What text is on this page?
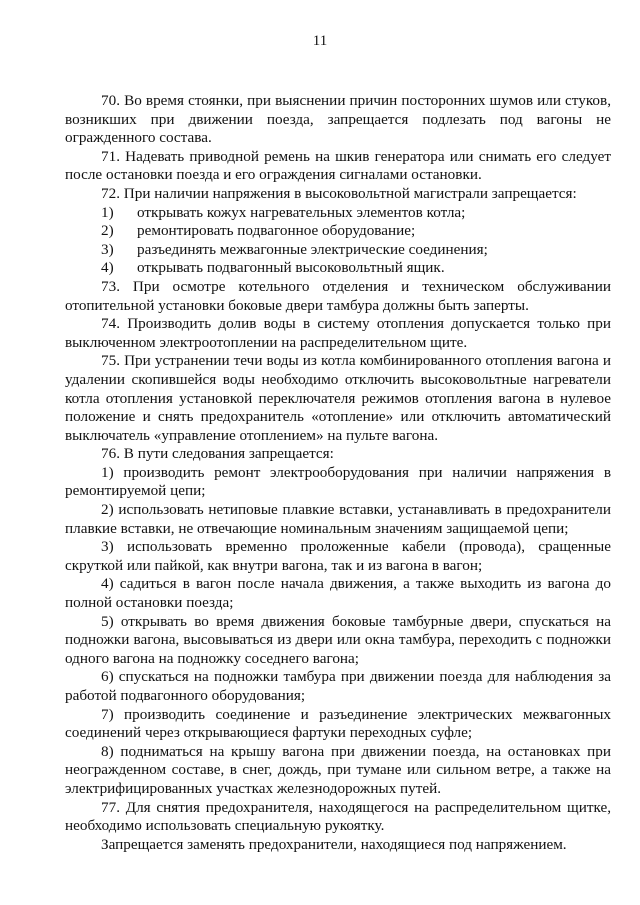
11

70. Во время стоянки, при выяснении причин посторонних шумов или стуков, возникших при движении поезда, запрещается подлезать под вагоны не огражденного состава.

71. Надевать приводной ремень на шкив генератора или снимать его следует после остановки поезда и его ограждения сигналами остановки.

72. При наличии напряжения в высоковольтной магистрали запрещается:

1)	открывать кожух нагревательных элементов котла;
2)	ремонтировать подвагонное оборудование;
3)	разъединять межвагонные электрические соединения;
4)	открывать подвагонный высоковольтный ящик.

73. При осмотре котельного отделения и техническом обслуживании отопительной установки боковые двери тамбура должны быть заперты.

74. Производить долив воды в систему отопления допускается только при выключенном электроотоплении на распределительном щите.

75. При устранении течи воды из котла комбинированного отопления вагона и удалении скопившейся воды необходимо отключить высоковольтные нагреватели котла отопления установкой переключателя режимов отопления вагона в нулевое положение и снять предохранитель «отопление» или отключить автоматический выключатель «управление отоплением» на пульте вагона.

76. В пути следования запрещается:

1) производить ремонт электрооборудования при наличии напряжения в ремонтируемой цепи;

2) использовать нетиповые плавкие вставки, устанавливать в предохранители плавкие вставки, не отвечающие номинальным значениям защищаемой цепи;

3) использовать временно проложенные кабели (провода), сращенные скруткой или пайкой, как внутри вагона, так и из вагона в вагон;

4) садиться в вагон после начала движения, а также выходить из вагона до полной остановки поезда;

5) открывать во время движения боковые тамбурные двери, спускаться на подножки вагона, высовываться из двери или окна тамбура, переходить с подножки одного вагона на подножку соседнего вагона;

6) спускаться на подножки тамбура при движении поезда для наблюдения за работой подвагонного оборудования;

7) производить соединение и разъединение электрических межвагонных соединений через открывающиеся фартуки переходных суфле;

8) подниматься на крышу вагона при движении поезда, на остановках при неогражденном составе, в снег, дождь, при тумане или сильном ветре, а также на электрифицированных участках железнодорожных путей.

77. Для снятия предохранителя, находящегося на распределительном щитке, необходимо использовать специальную рукоятку.

Запрещается заменять предохранители, находящиеся под напряжением.
